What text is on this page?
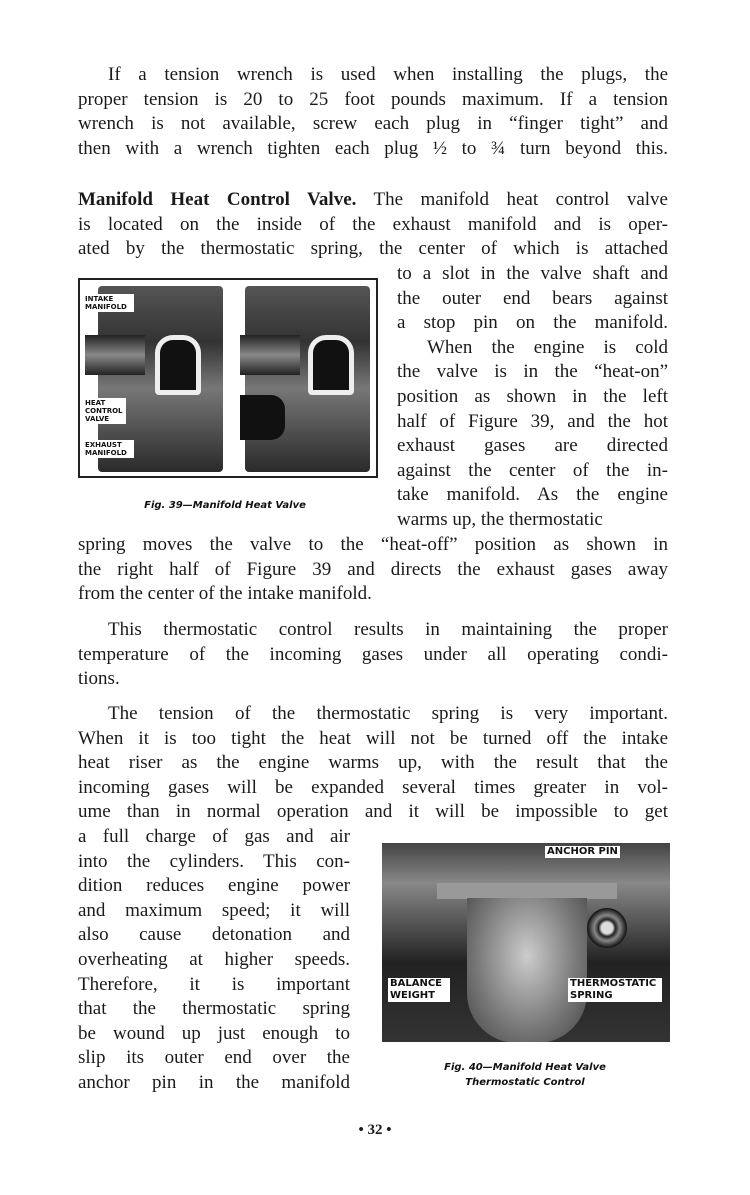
If a tension wrench is used when installing the plugs, the
proper tension is 20 to 25 foot pounds maximum. If a tension
wrench is not available, screw each plug in “finger tight” and
then with a wrench tighten each plug ½ to ¾ turn beyond this.
Manifold Heat Control Valve. The manifold heat control valve
is located on the inside of the exhaust manifold and is oper-
ated by the thermostatic spring, the center of which is attached
to a slot in the valve shaft and
the outer end bears against
a stop pin on the manifold.
When the engine is cold
the valve is in the “heat-on”
position as shown in the left
half of Figure 39, and the hot
exhaust gases are directed
against the center of the in-
take manifold. As the engine
warms up, the thermostatic
spring moves the valve to the “heat-off” position as shown in
the right half of Figure 39 and directs the exhaust gases away
from the center of the intake manifold.
This thermostatic control results in maintaining the proper
temperature of the incoming gases under all operating condi-
tions.
The tension of the thermostatic spring is very important.
When it is too tight the heat will not be turned off the intake
heat riser as the engine warms up, with the result that the
incoming gases will be expanded several times greater in vol-
ume than in normal operation and it will be impossible to get
a full charge of gas and air
into the cylinders. This con-
dition reduces engine power
and maximum speed; it will
also cause detonation and
overheating at higher speeds.
Therefore, it is important
that the thermostatic spring
be wound up just enough to
slip its outer end over the
anchor pin in the manifold
INTAKE MANIFOLD
HEAT CONTROL VALVE
EXHAUST MANIFOLD
Fig. 39—Manifold Heat Valve
ANCHOR PIN
BALANCE WEIGHT
THERMOSTATIC SPRING
Fig. 40—Manifold Heat Valve
Thermostatic Control
• 32 •
